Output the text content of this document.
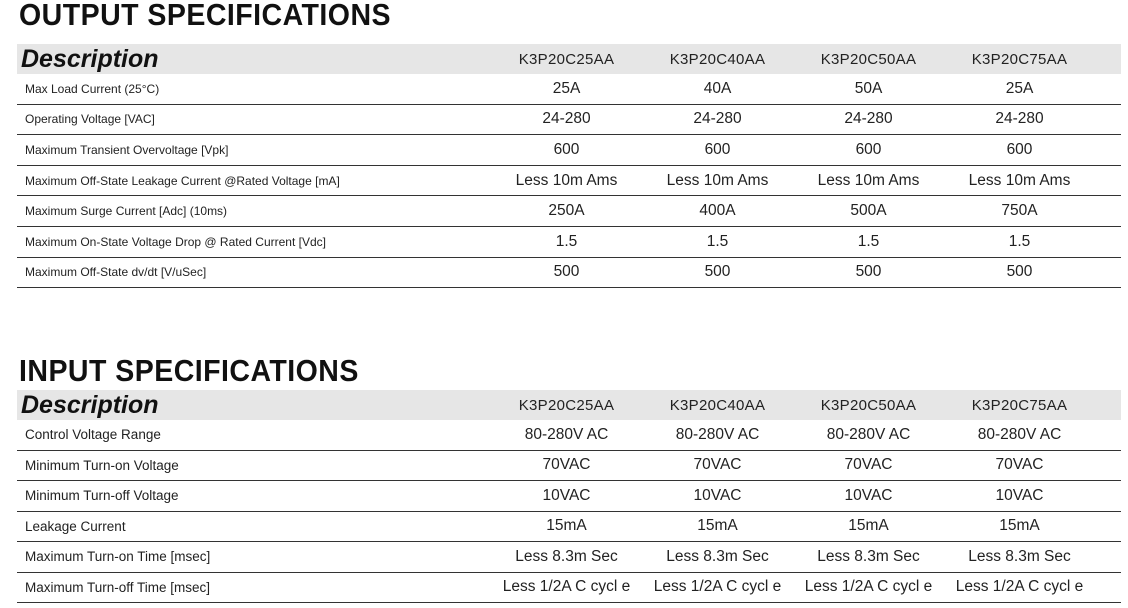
OUTPUT SPECIFICATIONS
Description	K3P20C25AA	K3P20C40AA	K3P20C50AA	K3P20C75AA	
Max Load Current (25°C)	25A	40A	50A	25A	
Operating Voltage [VAC]	24-280	24-280	24-280	24-280	
Maximum Transient Overvoltage [Vpk]	600	600	600	600	
Maximum Off-State Leakage Current @Rated Voltage [mA]	Less 10m Ams	Less 10m Ams	Less 10m Ams	Less 10m Ams	
Maximum Surge Current [Adc] (10ms)	250A	400A	500A	750A	
Maximum On-State Voltage Drop @ Rated Current [Vdc]	1.5	1.5	1.5	1.5	
Maximum Off-State dv/dt [V/uSec]	500	500	500	500	
INPUT SPECIFICATIONS
Description	K3P20C25AA	K3P20C40AA	K3P20C50AA	K3P20C75AA	
Control Voltage Range	80-280V AC	80-280V AC	80-280V AC	80-280V AC	
Minimum Turn-on Voltage	70VAC	70VAC	70VAC	70VAC	
Minimum Turn-off Voltage	10VAC	10VAC	10VAC	10VAC	
Leakage Current	15mA	15mA	15mA	15mA	
Maximum Turn-on Time [msec]	Less 8.3m Sec	Less 8.3m Sec	Less 8.3m Sec	Less 8.3m Sec	
Maximum Turn-off Time [msec]	Less 1/2A C cycl e	Less 1/2A C cycl e	Less 1/2A C cycl e	Less 1/2A C cycl e	
